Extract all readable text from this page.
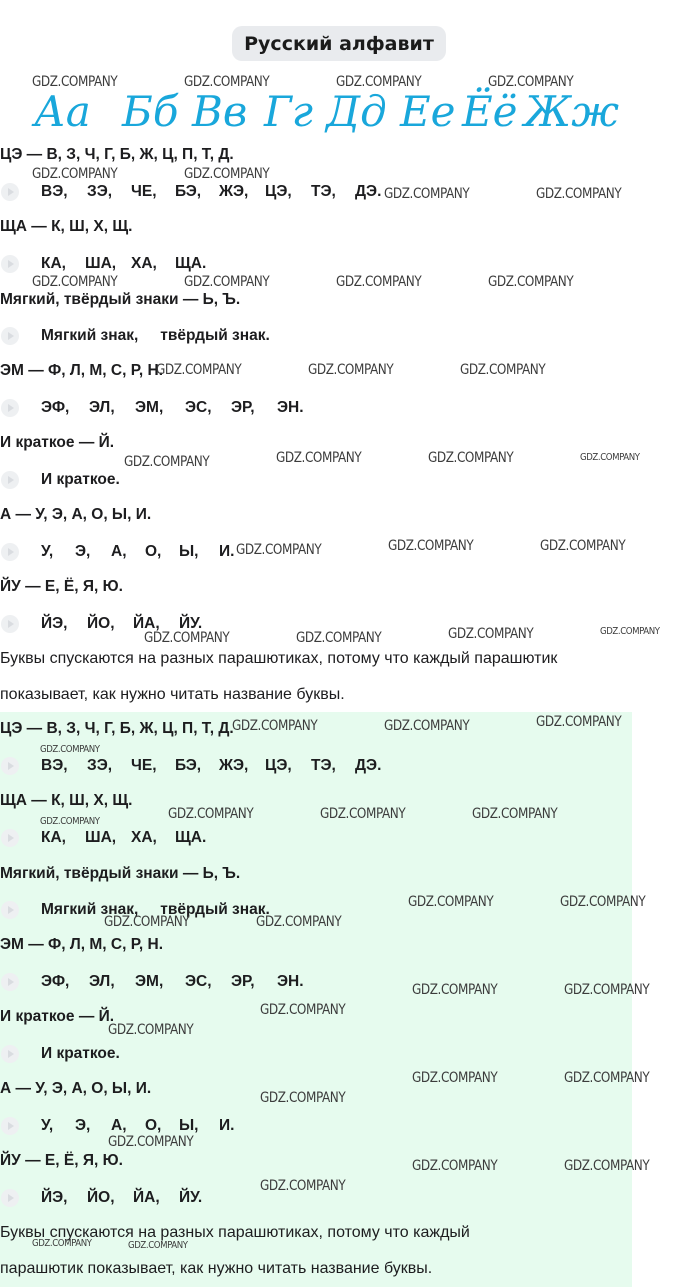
Русский алфавит
Аа Бб Вв Гг Дд Ее Ёё Жж
ЦЭ — В, З, Ч, Г, Б, Ж, Ц, П, Т, Д.
ВЭ,	ЗЭ,	ЧЕ,	БЭ,	ЖЭ,	ЦЭ,	ТЭ,	ДЭ.
ЩА — К, Ш, Х, Щ.
КА,	ША, ХА,	ЩА.
Мягкий, твёрдый знаки — Ь, Ъ.
Мягкий знак, твёрдый знак.
ЭМ — Ф, Л, М, С, Р, Н.
ЭФ,	ЭЛ,	ЭМ,	ЭС,	ЭР,	ЭН.
И краткое — Й.
И краткое.
А — У, Э, А, О, Ы, И.
У,	Э,	А,	О,	Ы,	И.
ЙУ — Е, Ё, Я, Ю.
ЙЭ,	ЙО,	ЙА,	ЙУ.
Буквы спускаются на разных парашютиках, потому что каждый парашютик
показывает, как нужно читать название буквы.
ЦЭ — В, З, Ч, Г, Б, Ж, Ц, П, Т, Д.
ВЭ,	ЗЭ,	ЧЕ,	БЭ,	ЖЭ,	ЦЭ,	ТЭ,	ДЭ.
ЩА — К, Ш, Х, Щ.
КА,	ША, ХА,	ЩА.
Мягкий, твёрдый знаки — Ь, Ъ.
Мягкий знак, твёрдый знак.
ЭМ — Ф, Л, М, С, Р, Н.
ЭФ,	ЭЛ,	ЭМ,	ЭС,	ЭР,	ЭН.
И краткое — Й.
И краткое.
А — У, Э, А, О, Ы, И.
У,	Э,	А,	О,	Ы,	И.
ЙУ — Е, Ё, Я, Ю.
ЙЭ,	ЙО,	ЙА,	ЙУ.
Буквы спускаются на разных парашютиках, потому что каждый
парашютик показывает, как нужно читать название буквы.
GDZ.COMPANY	GDZ.COMPANY	GDZ.COMPANY	GDZ.COMPANY
GDZ.COMPANY	GDZ.COMPANY
GDZ.COMPANY	GDZ.COMPANY
GDZ.COMPANY	GDZ.COMPANY	GDZ.COMPANY	GDZ.COMPANY
GDZ.COMPANY	GDZ.COMPANY	GDZ.COMPANY
GDZ.COMPANY	GDZ.COMPANY	GDZ.COMPANY	GDZ.COMPANY
GDZ.COMPANY	GDZ.COMPANY	GDZ.COMPANY
GDZ.COMPANY	GDZ.COMPANY	GDZ.COMPANY	GDZ.COMPANY
GDZ.COMPANY	GDZ.COMPANY	GDZ.COMPANY
GDZ.COMPANY
GDZ.COMPANY	GDZ.COMPANY	GDZ.COMPANY
GDZ.COMPANY
GDZ.COMPANY	GDZ.COMPANY
GDZ.COMPANY	GDZ.COMPANY
GDZ.COMPANY	GDZ.COMPANY
GDZ.COMPANY
GDZ.COMPANY
GDZ.COMPANY	GDZ.COMPANY
GDZ.COMPANY
GDZ.COMPANY
GDZ.COMPANY	GDZ.COMPANY
GDZ.COMPANY
GDZ.COMPANY	GDZ.COMPANY
